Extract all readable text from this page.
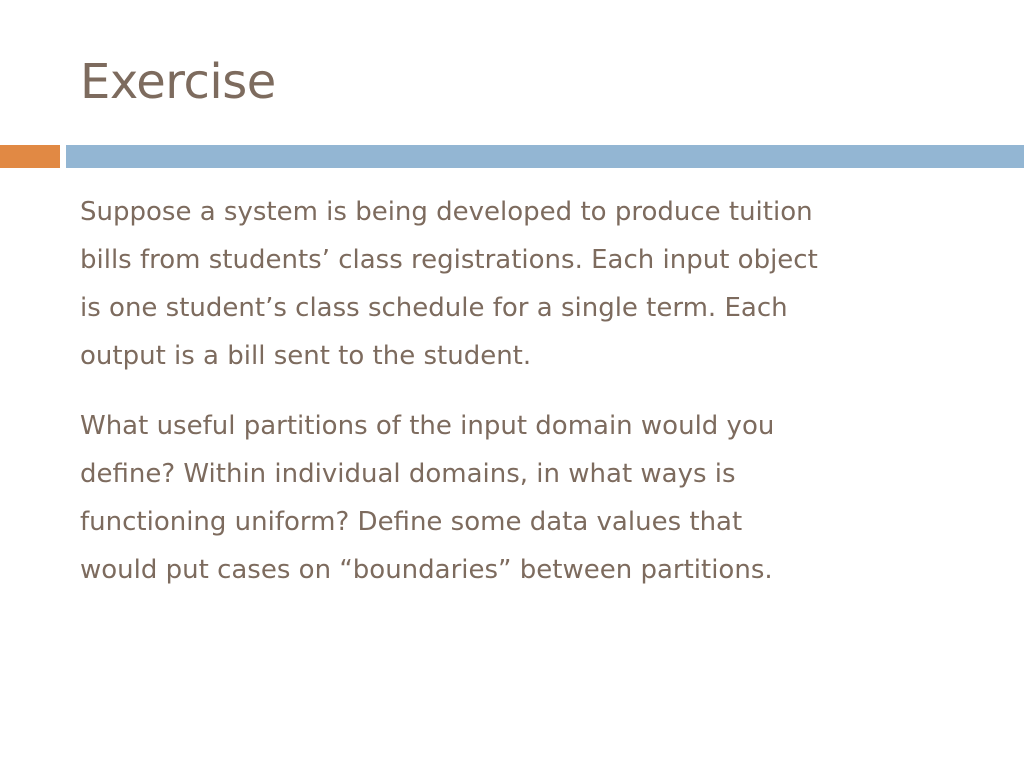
Exercise

Suppose a system is being developed to produce tuition
bills from students’ class registrations. Each input object
is one student’s class schedule for a single term. Each
output is a bill sent to the student.

What useful partitions of the input domain would you
define? Within individual domains, in what ways is
functioning uniform? Define some data values that
would put cases on “boundaries” between partitions.
